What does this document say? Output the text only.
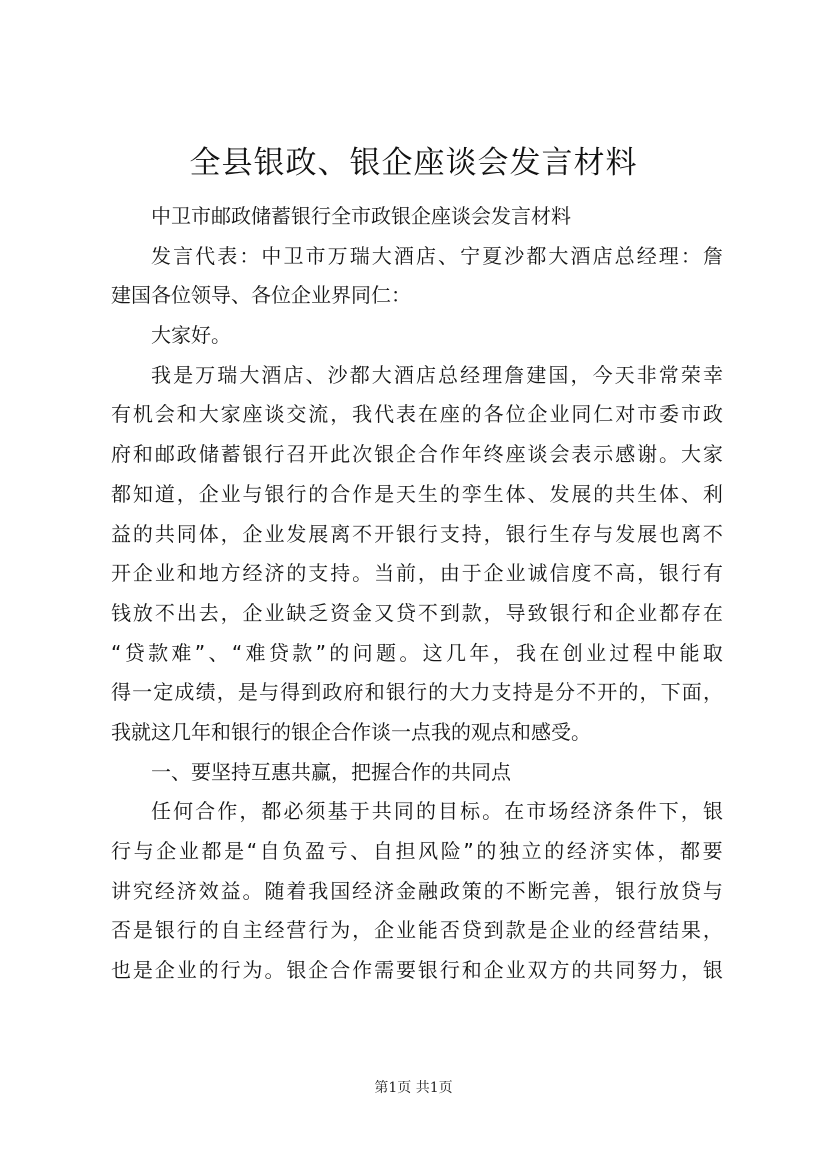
全县银政、银企座谈会发言材料
中卫市邮政储蓄银行全市政银企座谈会发言材料
发 言 代 表 ： 中 卫 市 万 瑞 大 酒 店 、 宁 夏 沙 都 大 酒 店 总 经 理 ： 詹
建国各位领导、各位企业界同仁：
大家好。
我 是 万 瑞 大 酒 店 、 沙 都 大 酒 店 总 经 理 詹 建 国 ， 今 天 非 常 荣 幸
有 机 会 和 大 家 座 谈 交 流 ， 我 代 表 在 座 的 各 位 企 业 同 仁 对 市 委 市 政
府 和 邮 政 储 蓄 银 行 召 开 此 次 银 企 合 作 年 终 座 谈 会 表 示 感 谢 。 大 家
都 知 道 ， 企 业 与 银 行 的 合 作 是 天 生 的 孪 生 体 、 发 展 的 共 生 体 、 利
益 的 共 同 体 ， 企 业 发 展 离 不 开 银 行 支 持 ， 银 行 生 存 与 发 展 也 离 不
开 企 业 和 地 方 经 济 的 支 持 。 当 前 ， 由 于 企 业 诚 信 度 不 高 ， 银 行 有
钱 放 不 出 去 ， 企 业 缺 乏 资 金 又 贷 不 到 款 ， 导 致 银 行 和 企 业 都 存 在
“ 贷 款 难 ” 、 “ 难 贷 款 ” 的 问 题 。 这 几 年 ， 我 在 创 业 过 程 中 能 取
得 一 定 成 绩 ， 是 与 得 到 政 府 和 银 行 的 大 力 支 持 是 分 不 开 的 ， 下 面 ，
我就这几年和银行的银企合作谈一点我的观点和感受。
一、要坚持互惠共赢，把握合作的共同点
任 何 合 作 ， 都 必 须 基 于 共 同 的 目 标 。 在 市 场 经 济 条 件 下 ， 银
行 与 企 业 都 是 “ 自 负 盈 亏 、 自 担 风 险 ” 的 独 立 的 经 济 实 体 ， 都 要
讲 究 经 济 效 益 。 随 着 我 国 经 济 金 融 政 策 的 不 断 完 善 ， 银 行 放 贷 与
否 是 银 行 的 自 主 经 营 行 为 ， 企 业 能 否 贷 到 款 是 企 业 的 经 营 结 果 ，
也 是 企 业 的 行 为 。 银 企 合 作 需 要 银 行 和 企 业 双 方 的 共 同 努 力 ， 银
第1页 共1页
